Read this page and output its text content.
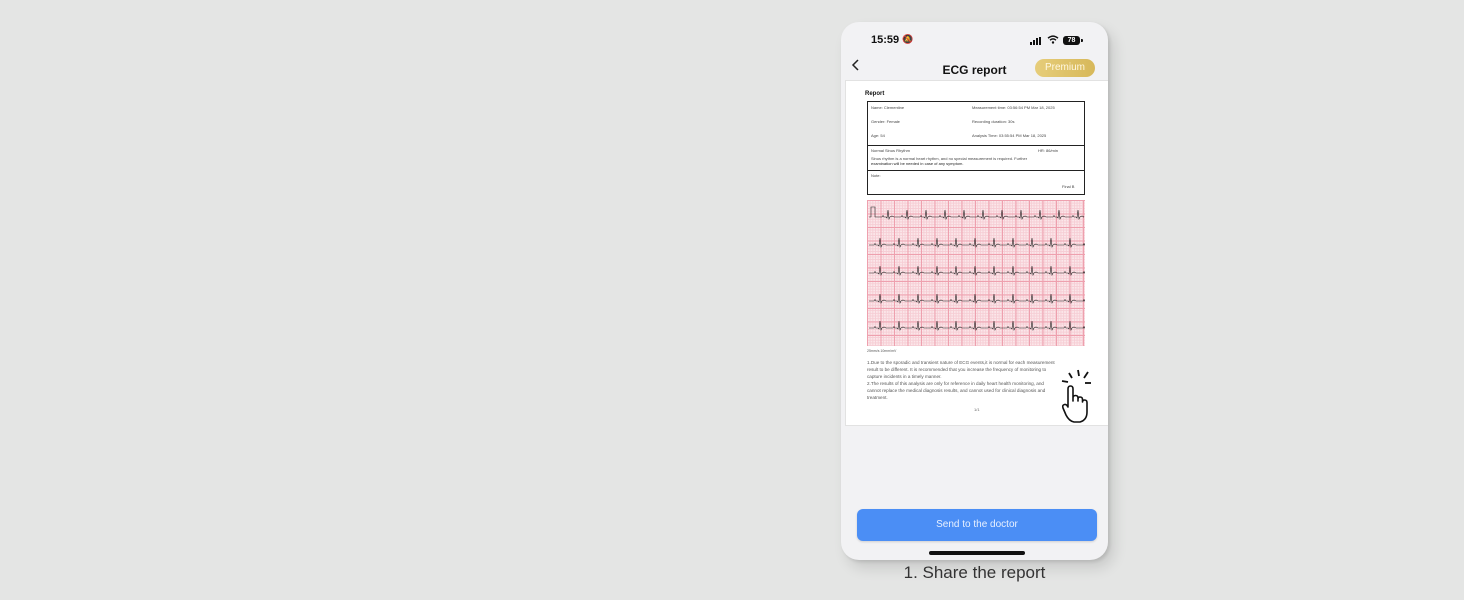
15:59 🔕	78
ECG report	Premium
Report
Name: Clementine	Measurement time: 03:56:54 PM Mar 18, 2025
Gender: Female	Recording duration: 30s
Age: 54	Analysis Time: 03:55:54 PM Mar 18, 2025
Normal Sinus Rhythm	HR: 86/min
Sinus rhythm is a normal heart rhythm, and no special measurement is required. Further
examination will be needed in case of any symptom.
Note:
Final B
25mm/s 10mm/mV
1.Due to the sporadic and transient nature of ECG events,it is normal for each measurement
result to be different. It is recommended that you increase the frequency of monitoring to
capture incidents in a timely manner.
2.The results of this analysis are only for reference in daily heart health monitoring, and
cannot replace the medical diagnosis results, and cannot used for clinical diagnosis and
treatment.
1/1
Send to the doctor
1. Share the report
